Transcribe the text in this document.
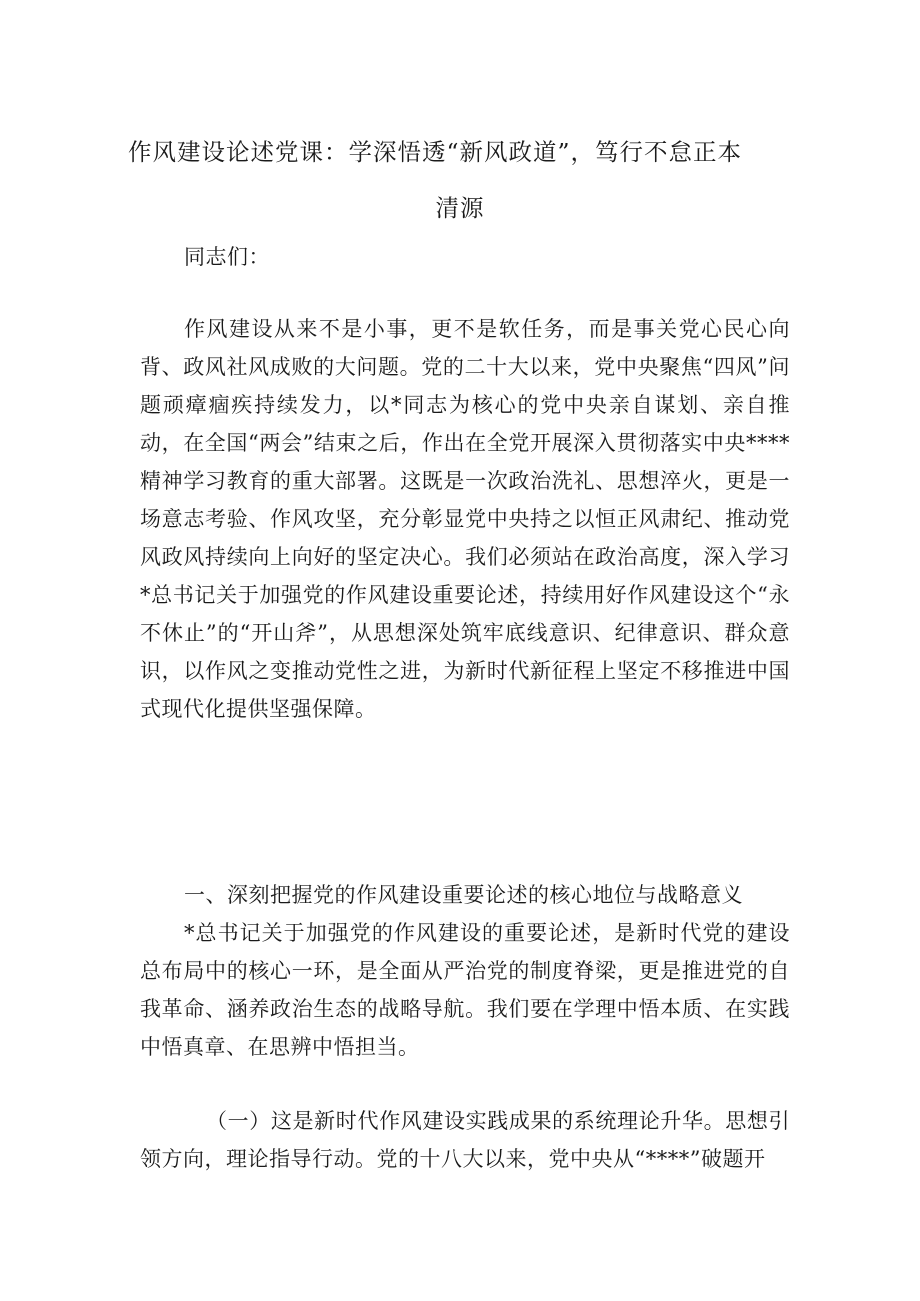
作风建设论述党课：学深悟透“新风政道”，笃行不怠正本
清源
同志们：
作风建设从来不是小事，更不是软任务，而是事关党心民心向背、政风社风成败的大问题。党的二十大以来，党中央聚焦“四风”问题顽瘴痼疾持续发力，以*同志为核心的党中央亲自谋划、亲自推动，在全国“两会”结束之后，作出在全党开展深入贯彻落实中央****精神学习教育的重大部署。这既是一次政治洗礼、思想淬火，更是一场意志考验、作风攻坚，充分彰显党中央持之以恒正风肃纪、推动党风政风持续向上向好的坚定决心。我们必须站在政治高度，深入学习*总书记关于加强党的作风建设重要论述，持续用好作风建设这个“永不休止”的“开山斧”，从思想深处筑牢底线意识、纪律意识、群众意识，以作风之变推动党性之进，为新时代新征程上坚定不移推进中国式现代化提供坚强保障。
一、深刻把握党的作风建设重要论述的核心地位与战略意义
*总书记关于加强党的作风建设的重要论述，是新时代党的建设总布局中的核心一环，是全面从严治党的制度脊梁，更是推进党的自我革命、涵养政治生态的战略导航。我们要在学理中悟本质、在实践中悟真章、在思辨中悟担当。
（一）这是新时代作风建设实践成果的系统理论升华。思想引领方向，理论指导行动。党的十八大以来，党中央从“****”破题开
